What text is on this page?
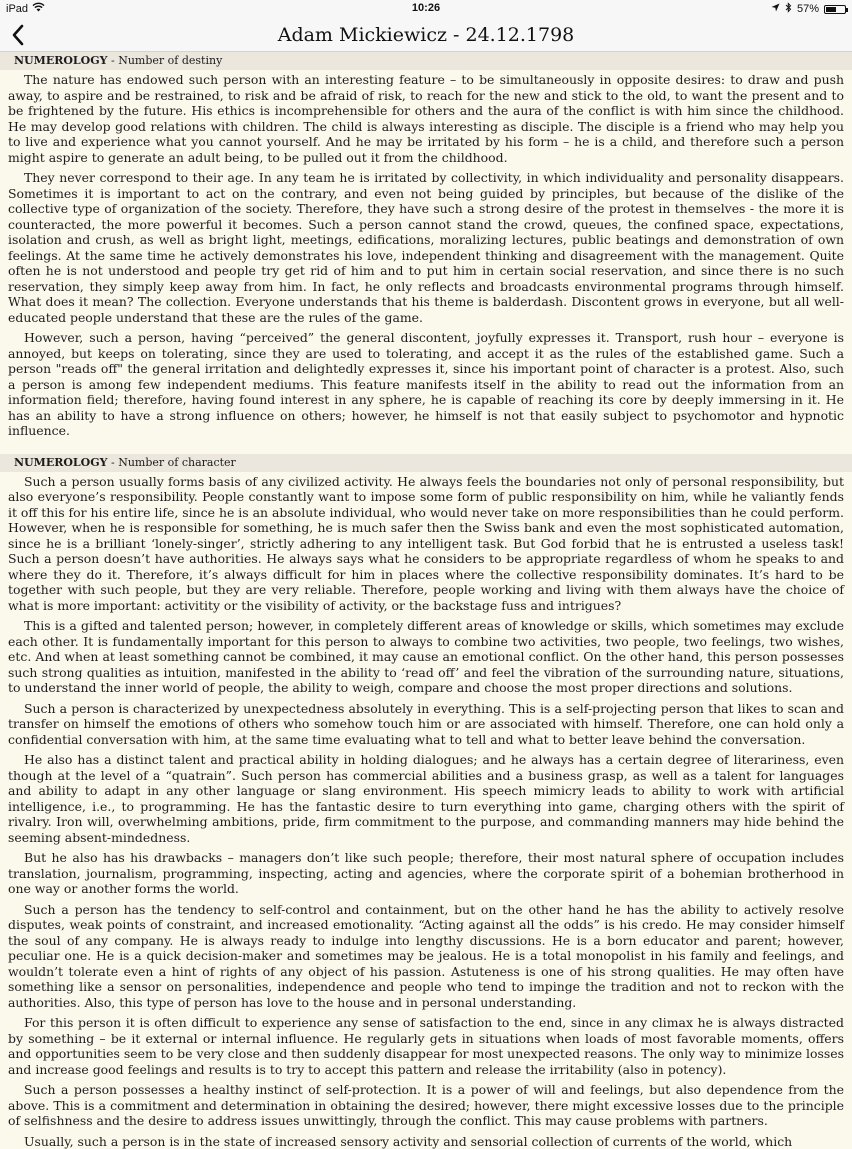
iPad	10:26	57%
Adam Mickiewicz - 24.12.1798
NUMEROLOGY - Number of destiny

The nature has endowed such person with an interesting feature – to be simultaneously in opposite desires: to draw and push away, to aspire and be restrained, to risk and be afraid of risk, to reach for the new and stick to the old, to want the present and to be frightened by the future. His ethics is incomprehensible for others and the aura of the conflict is with him since the childhood. He may develop good relations with children. The child is always interesting as disciple. The disciple is a friend who may help you to live and experience what you cannot yourself. And he may be irritated by his form – he is a child, and therefore such a person might aspire to generate an adult being, to be pulled out it from the childhood.

They never correspond to their age. In any team he is irritated by collectivity, in which individuality and personality disappears. Sometimes it is important to act on the contrary, and even not being guided by principles, but because of the dislike of the collective type of organization of the society. Therefore, they have such a strong desire of the protest in themselves - the more it is counteracted, the more powerful it becomes. Such a person cannot stand the crowd, queues, the confined space, expectations, isolation and crush, as well as bright light, meetings, edifications, moralizing lectures, public beatings and demonstration of own feelings. At the same time he actively demonstrates his love, independent thinking and disagreement with the management. Quite often he is not understood and people try get rid of him and to put him in certain social reservation, and since there is no such reservation, they simply keep away from him. In fact, he only reflects and broadcasts environmental programs through himself. What does it mean? The collection. Everyone understands that his theme is balderdash. Discontent grows in everyone, but all well-educated people understand that these are the rules of the game.

However, such a person, having “perceived” the general discontent, joyfully expresses it. Transport, rush hour – everyone is annoyed, but keeps on tolerating, since they are used to tolerating, and accept it as the rules of the established game. Such a person "reads off" the general irritation and delightedly expresses it, since his important point of character is a protest. Also, such a person is among few independent mediums. This feature manifests itself in the ability to read out the information from an information field; therefore, having found interest in any sphere, he is capable of reaching its core by deeply immersing in it. He has an ability to have a strong influence on others; however, he himself is not that easily subject to psychomotor and hypnotic influence.

NUMEROLOGY - Number of character

Such a person usually forms basis of any civilized activity. He always feels the boundaries not only of personal responsibility, but also everyone’s responsibility. People constantly want to impose some form of public responsibility on him, while he valiantly fends it off this for his entire life, since he is an absolute individual, who would never take on more responsibilities than he could perform. However, when he is responsible for something, he is much safer then the Swiss bank and even the most sophisticated automation, since he is a brilliant ‘lonely-singer’, strictly adhering to any intelligent task. But God forbid that he is entrusted a useless task! Such a person doesn’t have authorities. He always says what he considers to be appropriate regardless of whom he speaks to and where they do it. Therefore, it’s always difficult for him in places where the collective responsibility dominates. It’s hard to be together with such people, but they are very reliable. Therefore, people working and living with them always have the choice of what is more important: activitity or the visibility of activity, or the backstage fuss and intrigues?

This is a gifted and talented person; however, in completely different areas of knowledge or skills, which sometimes may exclude each other. It is fundamentally important for this person to always to combine two activities, two people, two feelings, two wishes, etc. And when at least something cannot be combined, it may cause an emotional conflict. On the other hand, this person possesses such strong qualities as intuition, manifested in the ability to ‘read off’ and feel the vibration of the surrounding nature, situations, to understand the inner world of people, the ability to weigh, compare and choose the most proper directions and solutions.

Such a person is characterized by unexpectedness absolutely in everything. This is a self-projecting person that likes to scan and transfer on himself the emotions of others who somehow touch him or are associated with himself. Therefore, one can hold only a confidential conversation with him, at the same time evaluating what to tell and what to better leave behind the conversation.

He also has a distinct talent and practical ability in holding dialogues; and he always has a certain degree of literariness, even though at the level of a “quatrain”. Such person has commercial abilities and a business grasp, as well as a talent for languages and ability to adapt in any other language or slang environment. His speech mimicry leads to ability to work with artificial intelligence, i.e., to programming. He has the fantastic desire to turn everything into game, charging others with the spirit of rivalry. Iron will, overwhelming ambitions, pride, firm commitment to the purpose, and commanding manners may hide behind the seeming absent-mindedness.

But he also has his drawbacks – managers don’t like such people; therefore, their most natural sphere of occupation includes translation, journalism, programming, inspecting, acting and agencies, where the corporate spirit of a bohemian brotherhood in one way or another forms the world.

Such a person has the tendency to self-control and containment, but on the other hand he has the ability to actively resolve disputes, weak points of constraint, and increased emotionality. “Acting against all the odds” is his credo. He may consider himself the soul of any company. He is always ready to indulge into lengthy discussions. He is a born educator and parent; however, peculiar one. He is a quick decision-maker and sometimes may be jealous. He is a total monopolist in his family and feelings, and wouldn’t tolerate even a hint of rights of any object of his passion. Astuteness is one of his strong qualities. He may often have something like a sensor on personalities, independence and people who tend to impinge the tradition and not to reckon with the authorities. Also, this type of person has love to the house and in personal understanding.

For this person it is often difficult to experience any sense of satisfaction to the end, since in any climax he is always distracted by something – be it external or internal influence. He regularly gets in situations when loads of most favorable moments, offers and opportunities seem to be very close and then suddenly disappear for most unexpected reasons. The only way to minimize losses and increase good feelings and results is to try to accept this pattern and release the irritability (also in potency).

Such a person possesses a healthy instinct of self-protection. It is a power of will and feelings, but also dependence from the above. This is a commitment and determination in obtaining the desired; however, there might excessive losses due to the principle of selfishness and the desire to address issues unwittingly, through the conflict. This may cause problems with partners.

Usually, such a person is in the state of increased sensory activity and sensorial collection of currents of the world, which
